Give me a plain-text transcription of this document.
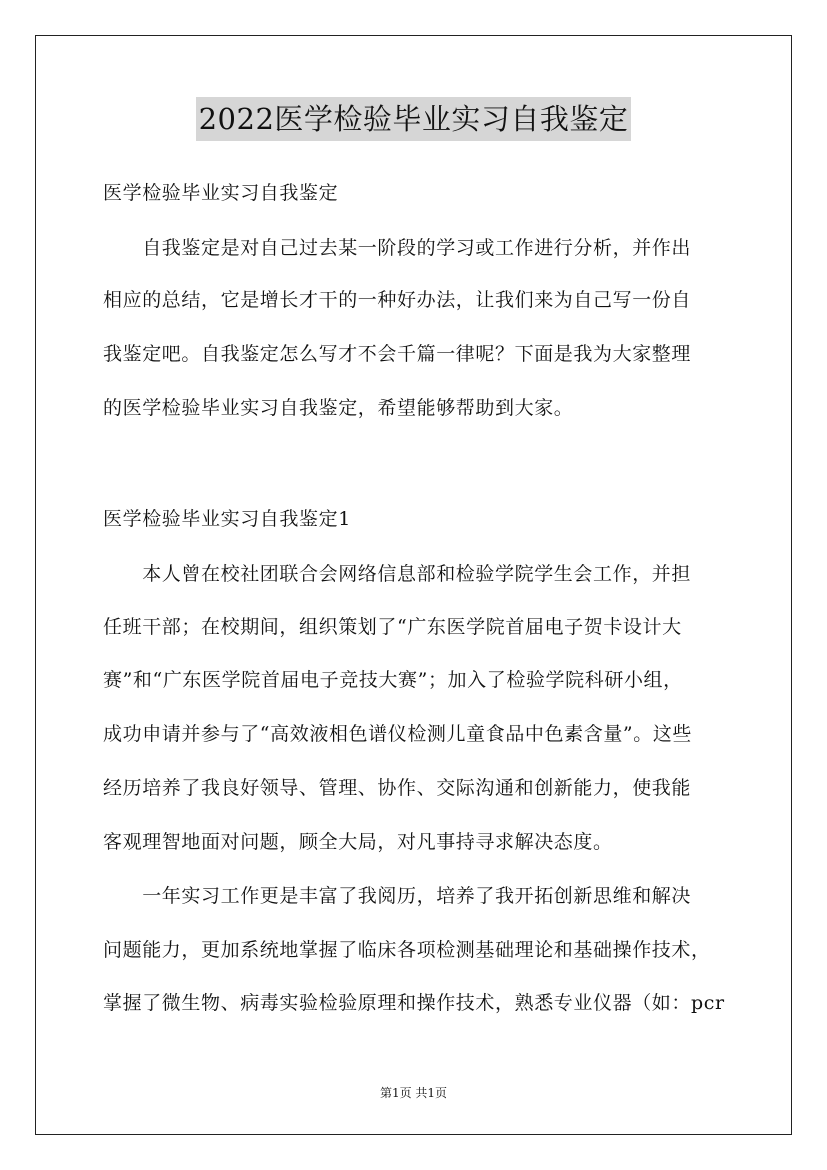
2022医学检验毕业实习自我鉴定

医学检验毕业实习自我鉴定

　　自我鉴定是对自己过去某一阶段的学习或工作进行分析，并作出

相应的总结，它是增长才干的一种好办法，让我们来为自己写一份自

我鉴定吧。自我鉴定怎么写才不会千篇一律呢？下面是我为大家整理

的医学检验毕业实习自我鉴定，希望能够帮助到大家。

医学检验毕业实习自我鉴定1

　　本人曾在校社团联合会网络信息部和检验学院学生会工作，并担

任班干部；在校期间，组织策划了“广东医学院首届电子贺卡设计大

赛”和“广东医学院首届电子竞技大赛”；加入了检验学院科研小组，

成功申请并参与了“高效液相色谱仪检测儿童食品中色素含量”。这些

经历培养了我良好领导、管理、协作、交际沟通和创新能力，使我能

客观理智地面对问题，顾全大局，对凡事持寻求解决态度。

　　一年实习工作更是丰富了我阅历，培养了我开拓创新思维和解决

问题能力，更加系统地掌握了临床各项检测基础理论和基础操作技术，

掌握了微生物、病毒实验检验原理和操作技术，熟悉专业仪器（如：pcr

第1页 共1页
